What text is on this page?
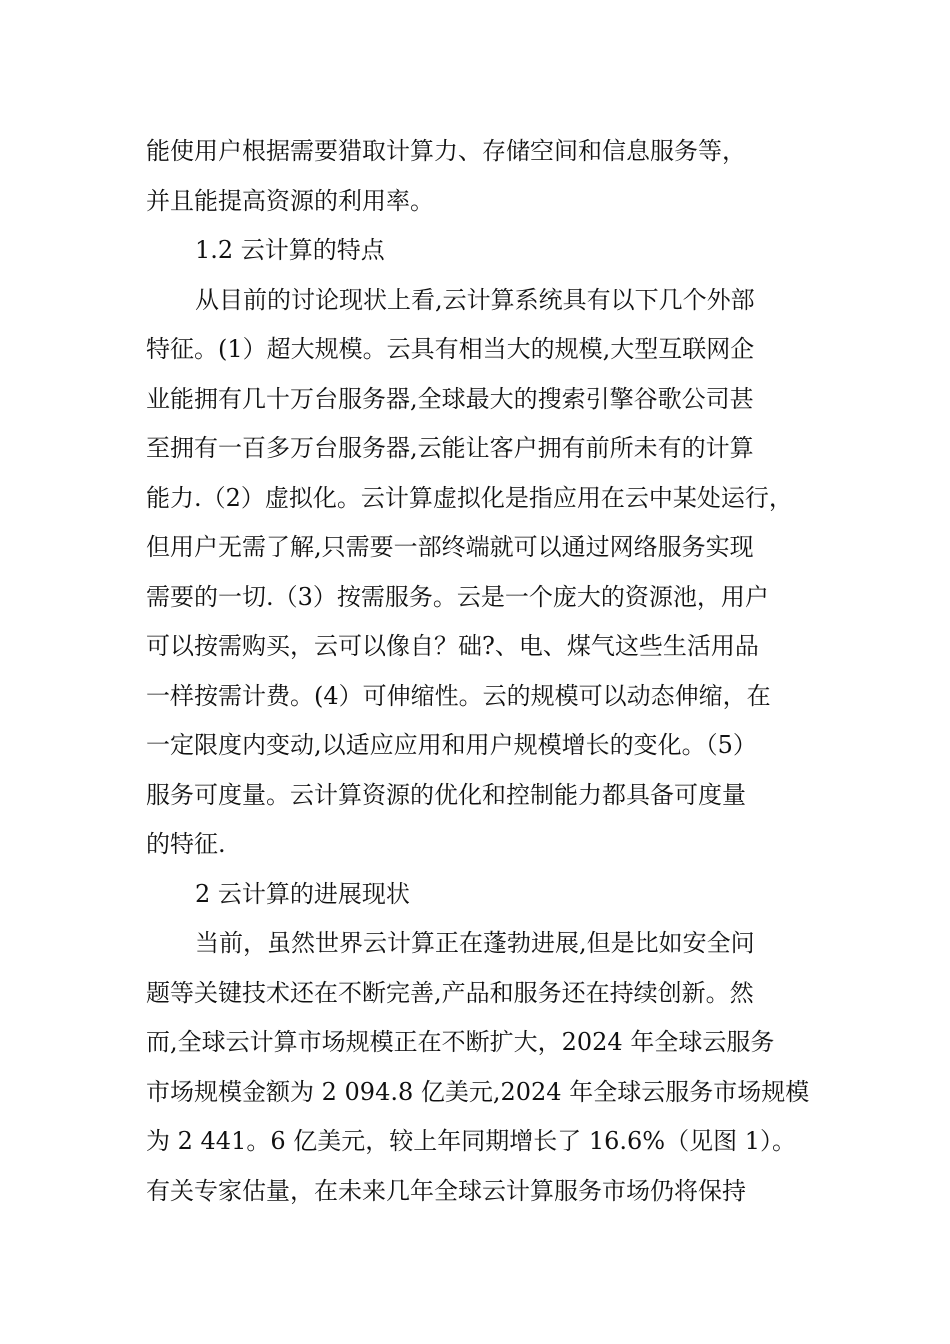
能使用户根据需要猎取计算力、存储空间和信息服务等，
并且能提高资源的利用率。
1.2 云计算的特点
从目前的讨论现状上看,云计算系统具有以下几个外部
特征。(1）超大规模。云具有相当大的规模,大型互联网企
业能拥有几十万台服务器,全球最大的搜索引擎谷歌公司甚
至拥有一百多万台服务器,云能让客户拥有前所未有的计算
能力.（2）虚拟化。云计算虚拟化是指应用在云中某处运行，
但用户无需了解,只需要一部终端就可以通过网络服务实现
需要的一切.（3）按需服务。云是一个庞大的资源池，用户
可以按需购买，云可以像自？础?、电、煤气这些生活用品
一样按需计费。(4）可伸缩性。云的规模可以动态伸缩，在
一定限度内变动,以适应应用和用户规模增长的变化。（5）
服务可度量。云计算资源的优化和控制能力都具备可度量
的特征.
2 云计算的进展现状
当前，虽然世界云计算正在蓬勃进展,但是比如安全问
题等关键技术还在不断完善,产品和服务还在持续创新。然
而,全球云计算市场规模正在不断扩大，2024 年全球云服务
市场规模金额为 2 094.8 亿美元,2024 年全球云服务市场规模
为 2 441。6 亿美元，较上年同期增长了 16.6%（见图 1）。
有关专家估量，在未来几年全球云计算服务市场仍将保持
